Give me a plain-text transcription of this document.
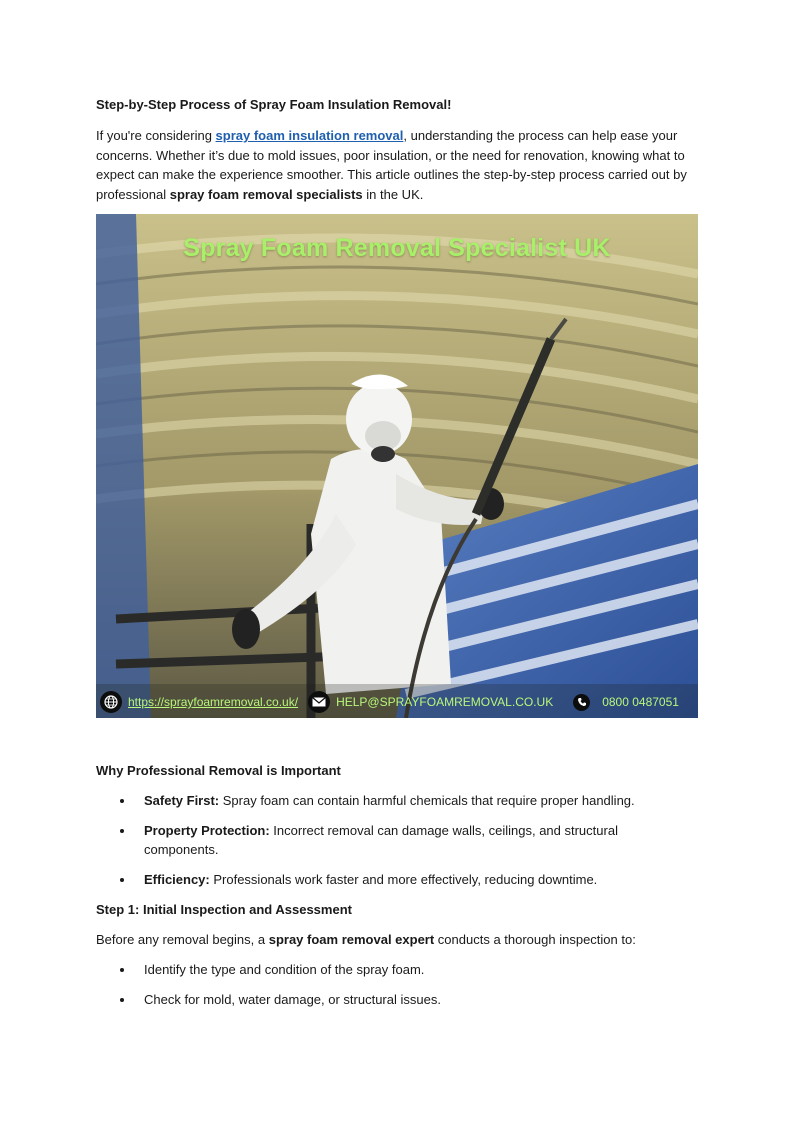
Step-by-Step Process of Spray Foam Insulation Removal!

If you're considering spray foam insulation removal, understanding the process can help ease your concerns. Whether it’s due to mold issues, poor insulation, or the need for renovation, knowing what to expect can make the experience smoother. This article outlines the step-by-step process carried out by professional spray foam removal specialists in the UK.

Spray Foam Removal Specialist UK
https://sprayfoamremoval.co.uk/	HELP@SPRAYFOAMREMOVAL.CO.UK	0800 0487051
Why Professional Removal is Important
Safety First: Spray foam can contain harmful chemicals that require proper handling.
Property Protection: Incorrect removal can damage walls, ceilings, and structural components.
Efficiency: Professionals work faster and more effectively, reducing downtime.
Step 1: Initial Inspection and Assessment

Before any removal begins, a spray foam removal expert conducts a thorough inspection to:

Identify the type and condition of the spray foam.
Check for mold, water damage, or structural issues.
